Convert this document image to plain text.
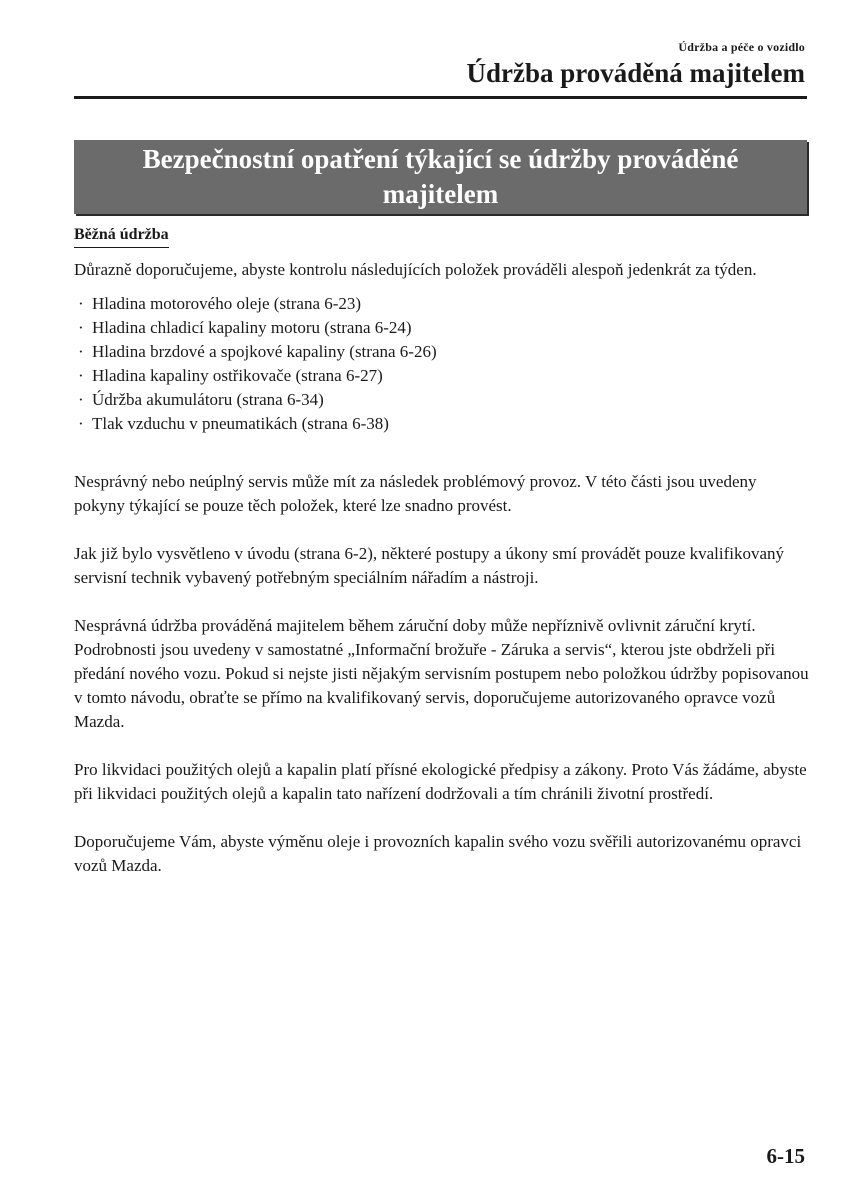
Údržba a péče o vozidlo
Údržba prováděná majitelem
Bezpečnostní opatření týkající se údržby prováděné
majitelem
Běžná údržba

Důrazně doporučujeme, abyste kontrolu následujících položek prováděli alespoň jedenkrát za týden.

· Hladina motorového oleje (strana 6-23)
· Hladina chladicí kapaliny motoru (strana 6-24)
· Hladina brzdové a spojkové kapaliny (strana 6-26)
· Hladina kapaliny ostřikovače (strana 6-27)
· Údržba akumulátoru (strana 6-34)
· Tlak vzduchu v pneumatikách (strana 6-38)

Nesprávný nebo neúplný servis může mít za následek problémový provoz. V této části jsou uvedeny pokyny týkající se pouze těch položek, které lze snadno provést.

Jak již bylo vysvětleno v úvodu (strana 6-2), některé postupy a úkony smí provádět pouze kvalifikovaný servisní technik vybavený potřebným speciálním nářadím a nástroji.

Nesprávná údržba prováděná majitelem během záruční doby může nepříznivě ovlivnit záruční krytí. Podrobnosti jsou uvedeny v samostatné „Informační brožuře - Záruka a servis“, kterou jste obdrželi při předání nového vozu. Pokud si nejste jisti nějakým servisním postupem nebo položkou údržby popisovanou v tomto návodu, obraťte se přímo na kvalifikovaný servis, doporučujeme autorizovaného opravce vozů Mazda.

Pro likvidaci použitých olejů a kapalin platí přísné ekologické předpisy a zákony. Proto Vás žádáme, abyste při likvidaci použitých olejů a kapalin tato nařízení dodržovali a tím chránili životní prostředí.

Doporučujeme Vám, abyste výměnu oleje i provozních kapalin svého vozu svěřili autorizovanému opravci vozů Mazda.

6-15
